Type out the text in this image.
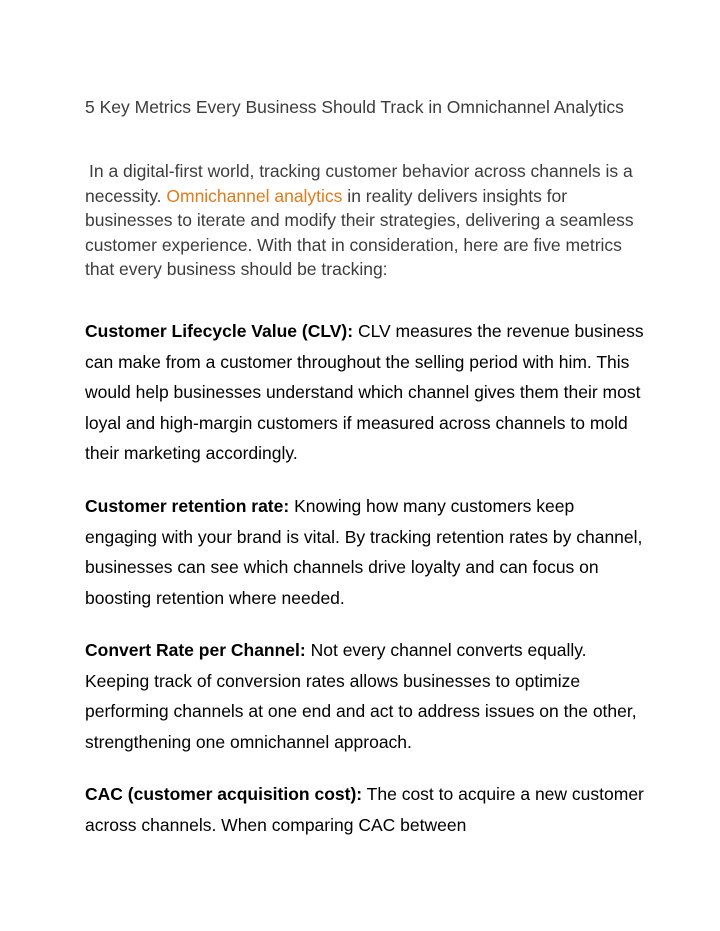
5 Key Metrics Every Business Should Track in Omnichannel Analytics

In a digital-first world, tracking customer behavior across channels is a necessity. Omnichannel analytics in reality delivers insights for businesses to iterate and modify their strategies, delivering a seamless customer experience. With that in consideration, here are five metrics that every business should be tracking:

Customer Lifecycle Value (CLV): CLV measures the revenue business can make from a customer throughout the selling period with him. This would help businesses understand which channel gives them their most loyal and high-margin customers if measured across channels to mold their marketing accordingly.

Customer retention rate: Knowing how many customers keep engaging with your brand is vital. By tracking retention rates by channel, businesses can see which channels drive loyalty and can focus on boosting retention where needed.

Convert Rate per Channel: Not every channel converts equally. Keeping track of conversion rates allows businesses to optimize performing channels at one end and act to address issues on the other, strengthening one omnichannel approach.

CAC (customer acquisition cost): The cost to acquire a new customer across channels. When comparing CAC between
